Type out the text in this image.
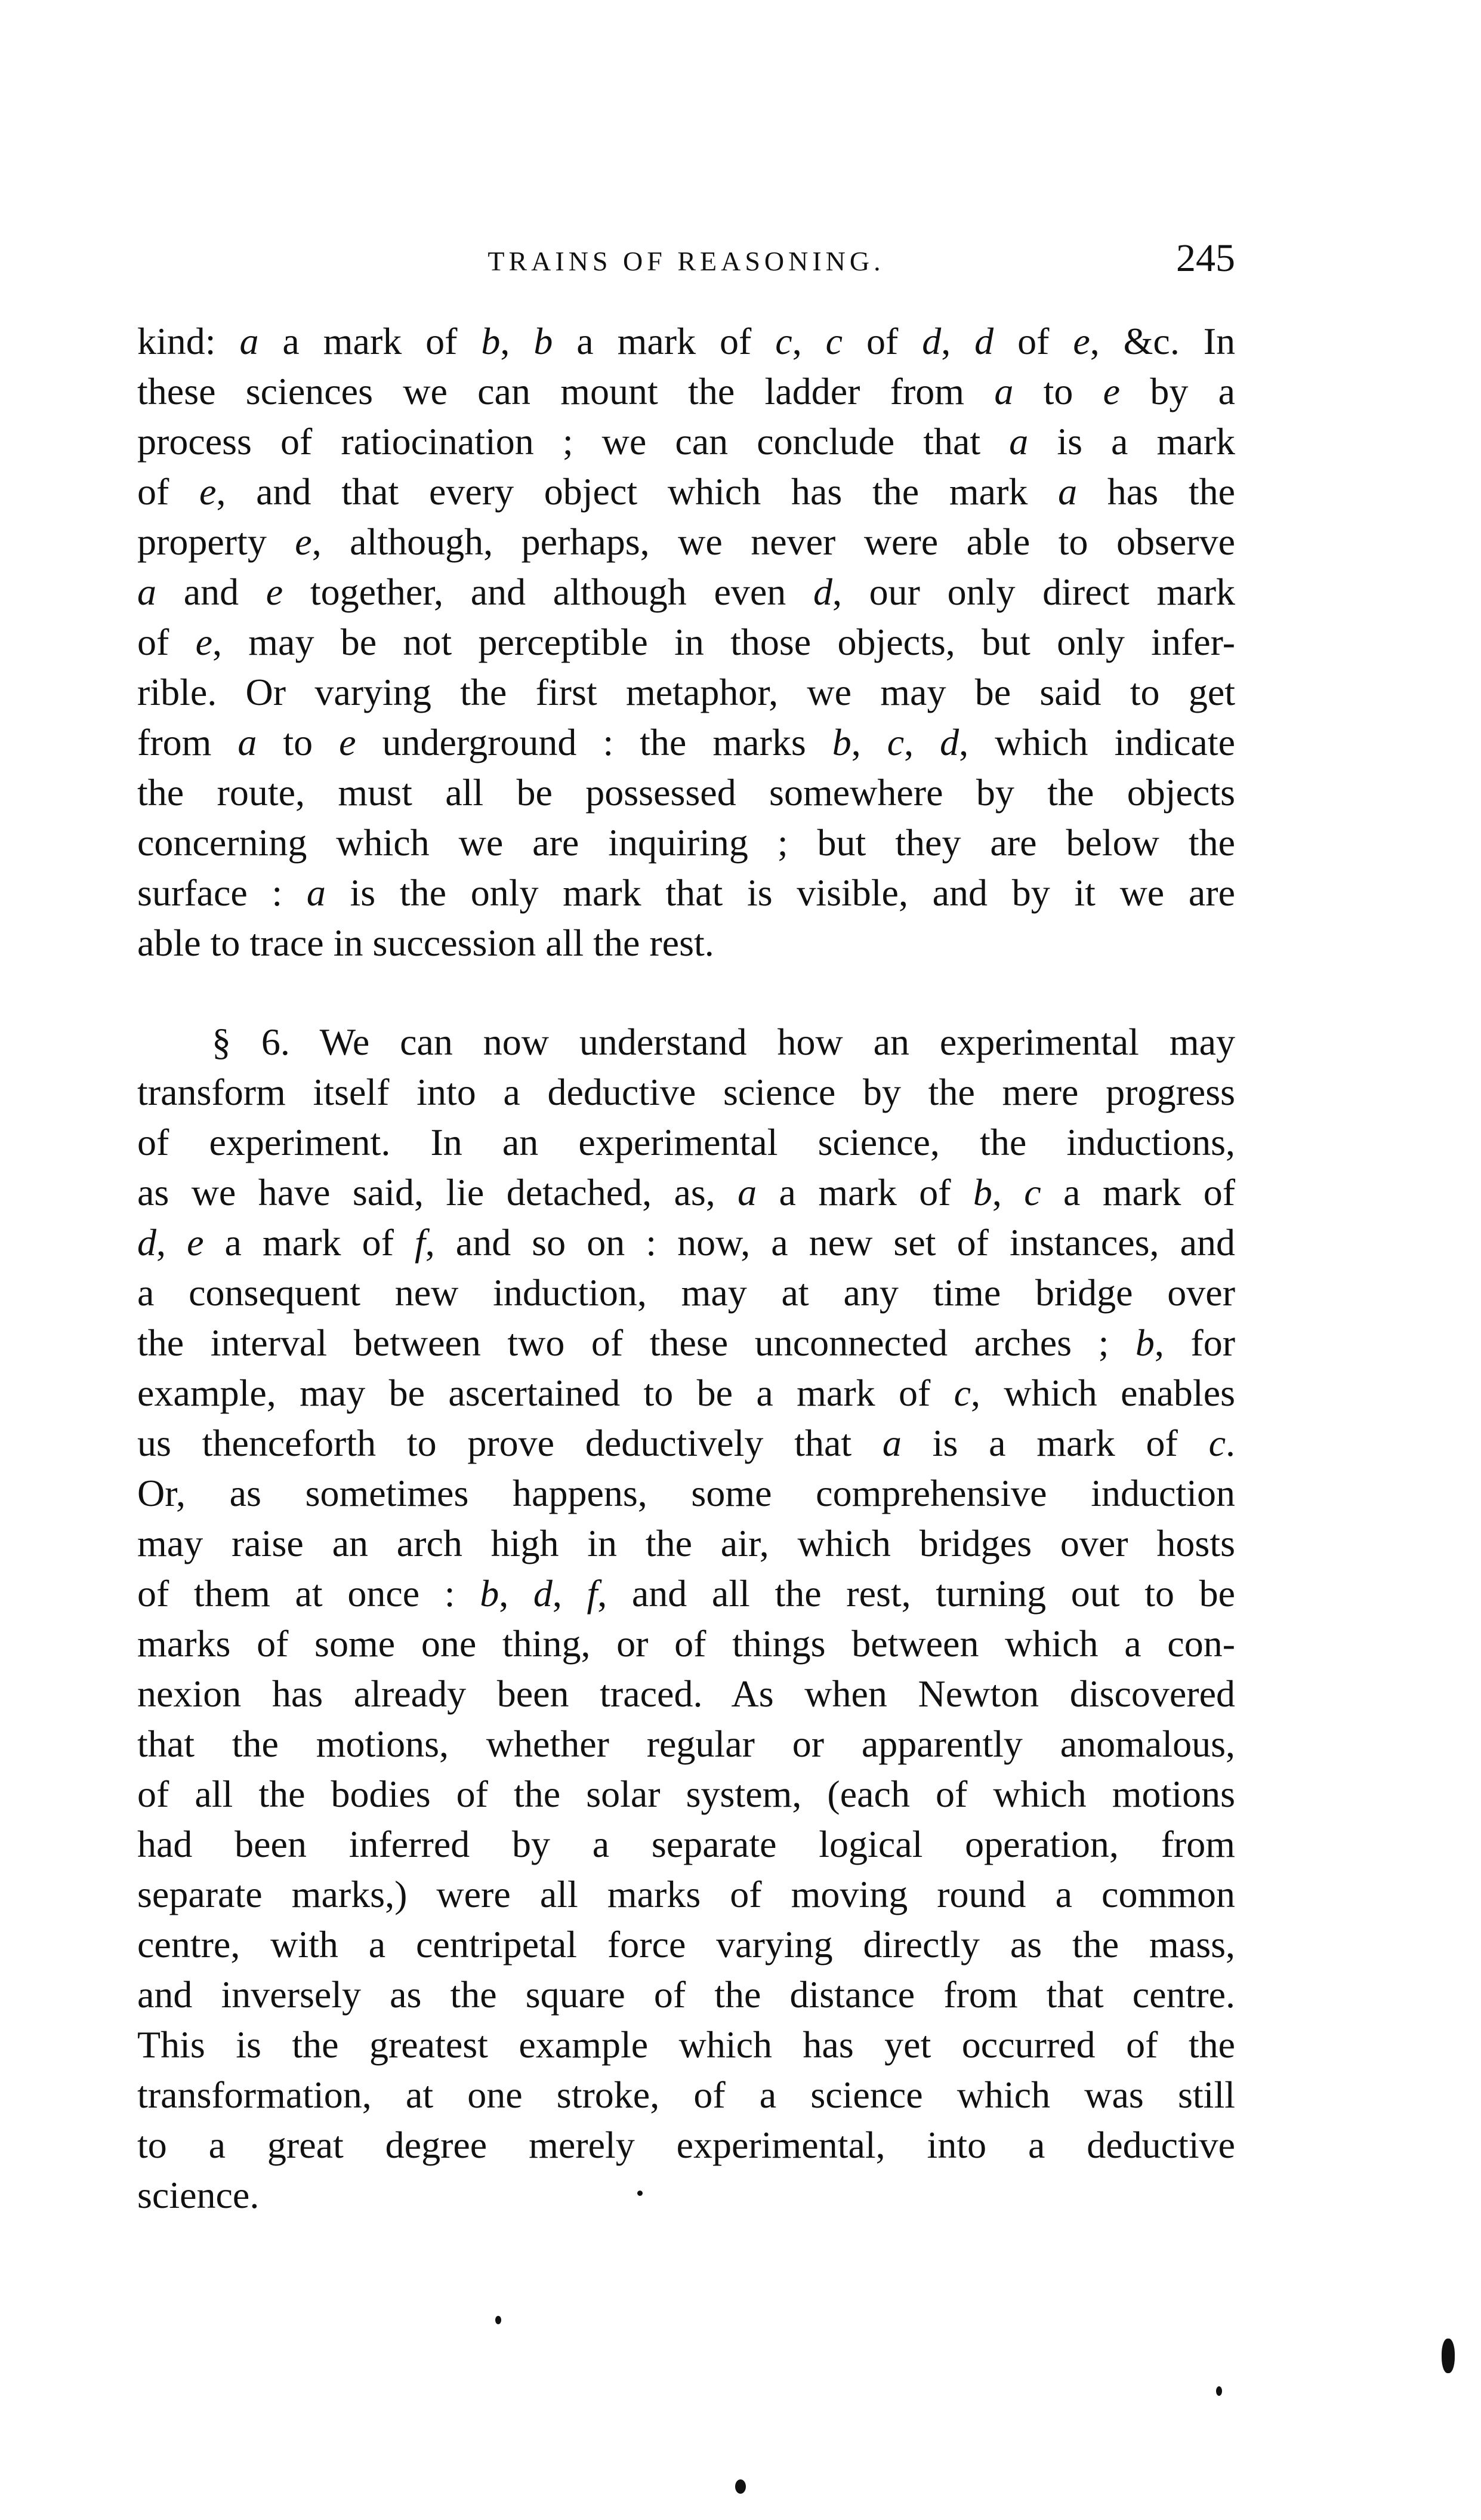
TRAINS OF REASONING.	245
kind: a a mark of b, b a mark of c, c of d, d of e, &c. In
these sciences we can mount the ladder from a to e by a
process of ratiocination ; we can conclude that a is a mark
of e, and that every object which has the mark a has the
property e, although, perhaps, we never were able to observe
a and e together, and although even d, our only direct mark
of e, may be not perceptible in those objects, but only infer-
rible. Or varying the first metaphor, we may be said to get
from a to e underground : the marks b, c, d, which indicate
the route, must all be possessed somewhere by the objects
concerning which we are inquiring ; but they are below the
surface : a is the only mark that is visible, and by it we are
able to trace in succession all the rest.
§ 6. We can now understand how an experimental may
transform itself into a deductive science by the mere progress
of experiment. In an experimental science, the inductions,
as we have said, lie detached, as, a a mark of b, c a mark of
d, e a mark of f, and so on : now, a new set of instances, and
a consequent new induction, may at any time bridge over
the interval between two of these unconnected arches ; b, for
example, may be ascertained to be a mark of c, which enables
us thenceforth to prove deductively that a is a mark of c.
Or, as sometimes happens, some comprehensive induction
may raise an arch high in the air, which bridges over hosts
of them at once : b, d, f, and all the rest, turning out to be
marks of some one thing, or of things between which a con-
nexion has already been traced. As when Newton discovered
that the motions, whether regular or apparently anomalous,
of all the bodies of the solar system, (each of which motions
had been inferred by a separate logical operation, from
separate marks,) were all marks of moving round a common
centre, with a centripetal force varying directly as the mass,
and inversely as the square of the distance from that centre.
This is the greatest example which has yet occurred of the
transformation, at one stroke, of a science which was still
to a great degree merely experimental, into a deductive
science.
